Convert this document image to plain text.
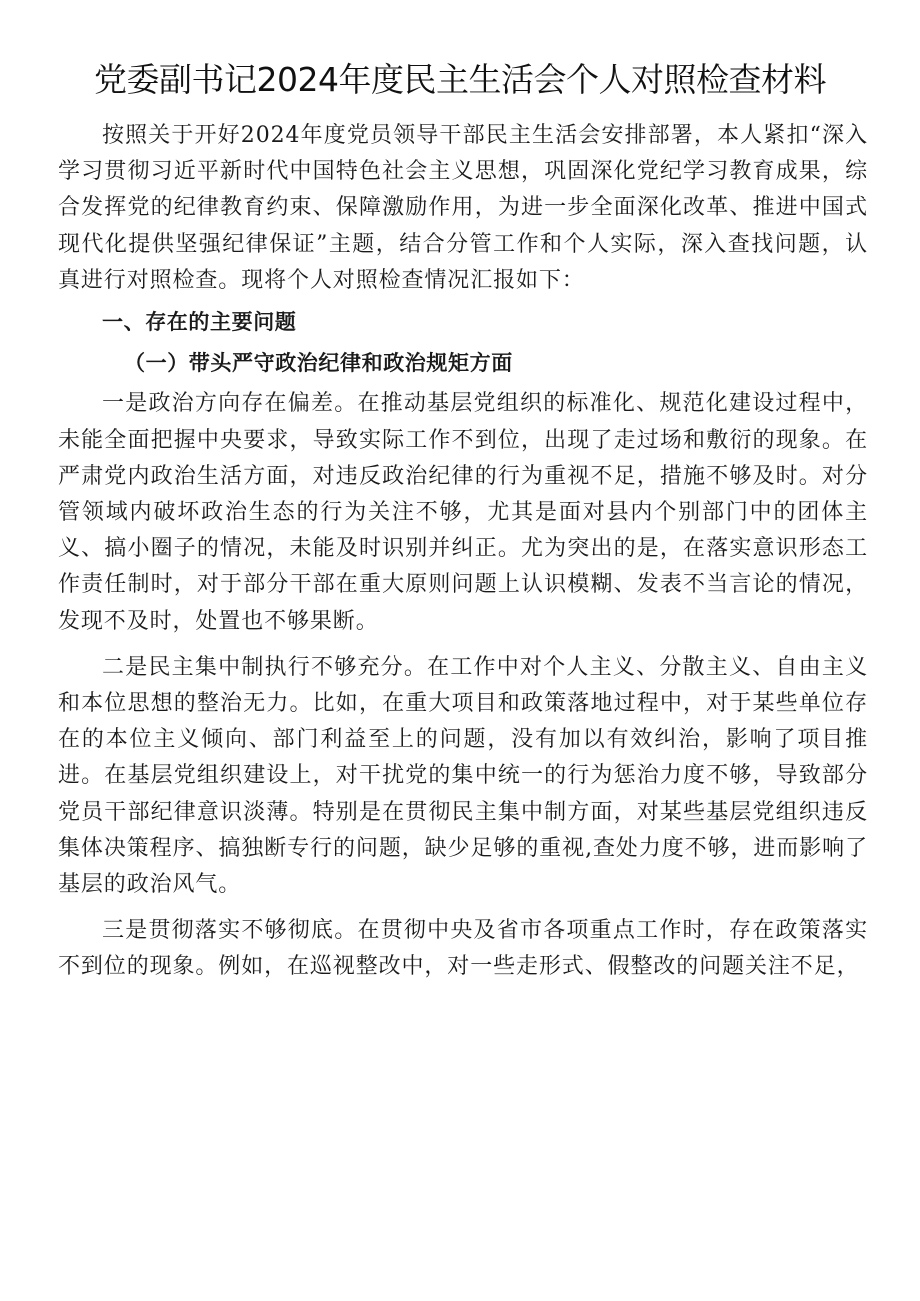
党委副书记2024年度民主生活会个人对照检查材料

按照关于开好2024年度党员领导干部民主生活会安排部署，本人紧扣“深入学习贯彻习近平新时代中国特色社会主义思想，巩固深化党纪学习教育成果，综合发挥党的纪律教育约束、保障激励作用，为进一步全面深化改革、推进中国式现代化提供坚强纪律保证”主题，结合分管工作和个人实际，深入查找问题，认真进行对照检查。现将个人对照检查情况汇报如下：

一、存在的主要问题

（一）带头严守政治纪律和政治规矩方面

一是政治方向存在偏差。在推动基层党组织的标准化、规范化建设过程中，未能全面把握中央要求，导致实际工作不到位，出现了走过场和敷衍的现象。在严肃党内政治生活方面，对违反政治纪律的行为重视不足，措施不够及时。对分管领域内破坏政治生态的行为关注不够，尤其是面对县内个别部门中的团体主义、搞小圈子的情况，未能及时识别并纠正。尤为突出的是，在落实意识形态工作责任制时，对于部分干部在重大原则问题上认识模糊、发表不当言论的情况，发现不及时，处置也不够果断。

二是民主集中制执行不够充分。在工作中对个人主义、分散主义、自由主义和本位思想的整治无力。比如，在重大项目和政策落地过程中，对于某些单位存在的本位主义倾向、部门利益至上的问题，没有加以有效纠治，影响了项目推进。在基层党组织建设上，对干扰党的集中统一的行为惩治力度不够，导致部分党员干部纪律意识淡薄。特别是在贯彻民主集中制方面，对某些基层党组织违反集体决策程序、搞独断专行的问题，缺少足够的重视,查处力度不够，进而影响了基层的政治风气。

三是贯彻落实不够彻底。在贯彻中央及省市各项重点工作时，存在政策落实不到位的现象。例如，在巡视整改中，对一些走形式、假整改的问题关注不足，
